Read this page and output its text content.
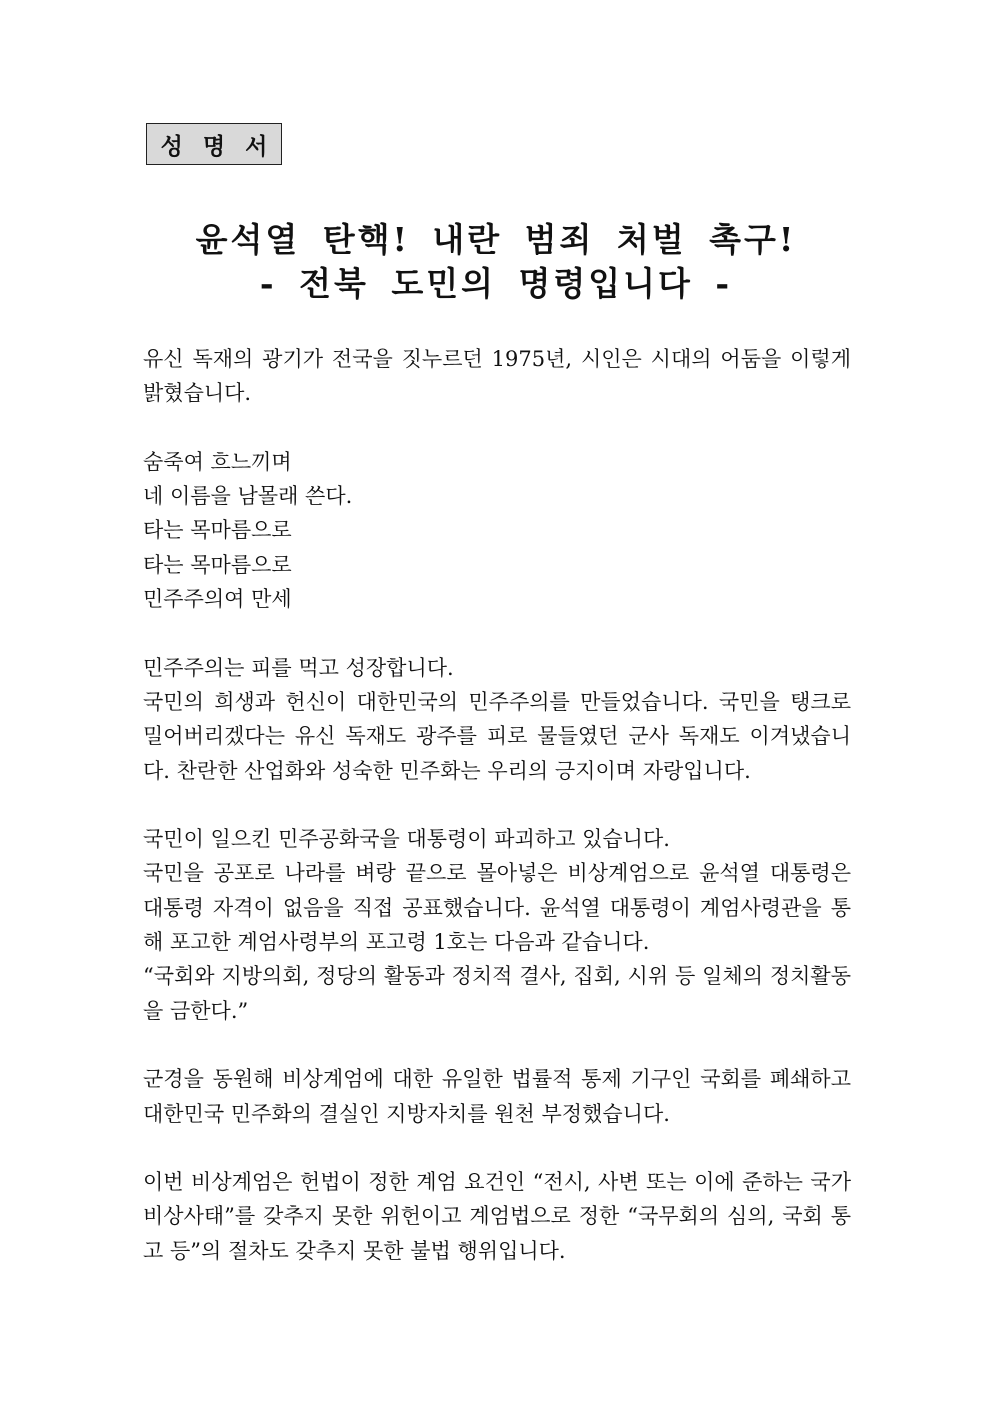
성 명 서
윤석열 탄핵! 내란 범죄 처벌 촉구!
- 전북 도민의 명령입니다 -
유신 독재의 광기가 전국을 짓누르던 1975년, 시인은 시대의 어둠을 이렇게 밝혔습니다.
숨죽여 흐느끼며
네 이름을 남몰래 쓴다.
타는 목마름으로
타는 목마름으로
민주주의여 만세
민주주의는 피를 먹고 성장합니다.
국민의 희생과 헌신이 대한민국의 민주주의를 만들었습니다. 국민을 탱크로 밀어버리겠다는 유신 독재도 광주를 피로 물들였던 군사 독재도 이겨냈습니다. 찬란한 산업화와 성숙한 민주화는 우리의 긍지이며 자랑입니다.
국민이 일으킨 민주공화국을 대통령이 파괴하고 있습니다.
국민을 공포로 나라를 벼랑 끝으로 몰아넣은 비상계엄으로 윤석열 대통령은 대통령 자격이 없음을 직접 공표했습니다. 윤석열 대통령이 계엄사령관을 통해 포고한 계엄사령부의 포고령 1호는 다음과 같습니다.
“국회와 지방의회, 정당의 활동과 정치적 결사, 집회, 시위 등 일체의 정치활동을 금한다.”
군경을 동원해 비상계엄에 대한 유일한 법률적 통제 기구인 국회를 폐쇄하고 대한민국 민주화의 결실인 지방자치를 원천 부정했습니다.
이번 비상계엄은 헌법이 정한 계엄 요건인 “전시, 사변 또는 이에 준하는 국가 비상사태”를 갖추지 못한 위헌이고 계엄법으로 정한 “국무회의 심의, 국회 통고 등”의 절차도 갖추지 못한 불법 행위입니다.
